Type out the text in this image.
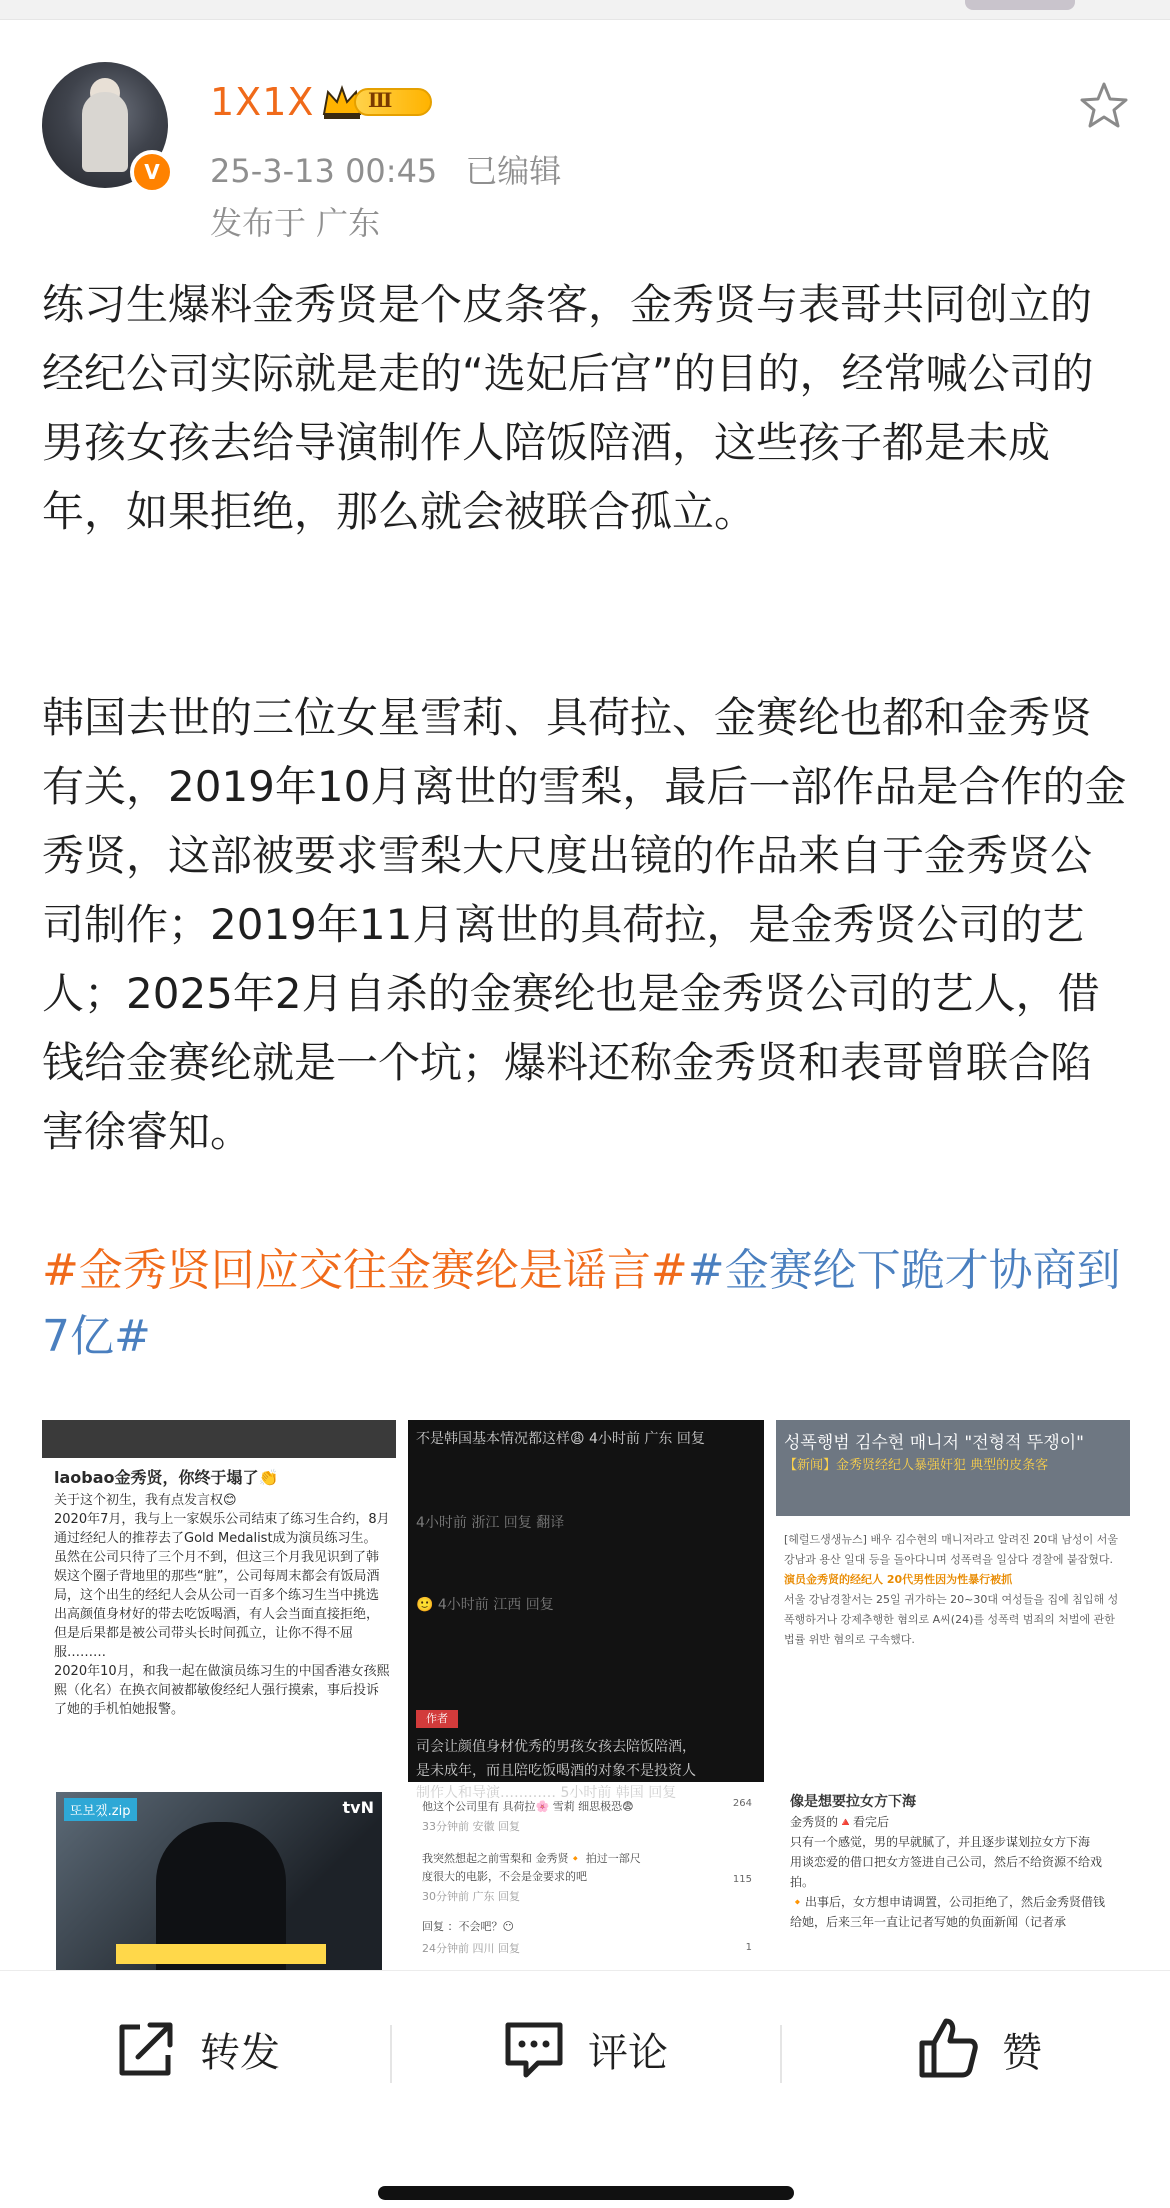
V
1X1X	Ⅲ
25-3-13 00:45 已编辑
发布于 广东
练习生爆料金秀贤是个皮条客，金秀贤与表哥共同创立的经纪公司实际就是走的“选妃后宫”的目的，经常喊公司的男孩女孩去给导演制作人陪饭陪酒，这些孩子都是未成年，如果拒绝，那么就会被联合孤立。
韩国去世的三位女星雪莉、具荷拉、金赛纶也都和金秀贤有关，2019年10月离世的雪梨，最后一部作品是合作的金秀贤，这部被要求雪梨大尺度出镜的作品来自于金秀贤公司制作；2019年11月离世的具荷拉，是金秀贤公司的艺人；2025年2月自杀的金赛纶也是金秀贤公司的艺人，借钱给金赛纶就是一个坑；爆料还称金秀贤和表哥曾联合陷害徐睿知。
#金秀贤回应交往金赛纶是谣言##金赛纶下跪才协商到7亿#
laobao金秀贤，你终于塌了👏
关于这个初生，我有点发言权😊
2020年7月，我与上一家娱乐公司结束了练习生合约，8月通过经纪人的推荐去了Gold Medalist成为演员练习生。
虽然在公司只待了三个月不到，但这三个月我见识到了韩娱这个圈子背地里的那些“脏”，公司每周末都会有饭局酒局，这个出生的经纪人会从公司一百多个练习生当中挑选出高颜值身材好的带去吃饭喝酒，有人会当面直接拒绝，但是后果都是被公司带头长时间孤立，让你不得不屈服………
2020年10月，和我一起在做演员练习生的中国香港女孩熙熙（化名）在换衣间被都敏俊经纪人强行摸索，事后投诉了她的手机怕她报警。
또보겠.zip	tvN
不是韩国基本情况都这样😩 4小时前 广东 回复
4小时前 浙江 回复 翻译
🙂 4小时前 江西 回复
作者
司会让颜值身材优秀的男孩女孩去陪饭陪酒，
是未成年，而且陪吃饭喝酒的对象不是投资人
制作人和导演………… 5小时前 韩国 回复
他这个公司里有 具荷拉🌸 雪莉 细思极恐😨
33分钟前 安徽 回复
我突然想起之前雪梨和 金秀贤🔸 拍过一部尺
度很大的电影，不会是金要求的吧
30分钟前 广东 回复
回复 ：不会吧？😶
24分钟前 四川 回复
264
115
1
성폭행범 김수현 매니저 "전형적 뚜쟁이"
【新闻】金秀贤经纪人暴强奸犯 典型的皮条客
[헤럴드생생뉴스] 배우 김수현의 매니저라고 알려진 20대 남성이 서울 강남과 용산 일대 등을 돌아다니며 성폭력을 일삼다 경찰에 붙잡혔다.
演员金秀贤的经纪人 20代男性因为性暴行被抓
서울 강남경찰서는 25일 귀가하는 20~30대 여성들을 집에 침입해 성폭행하거나 강제추행한 혐의로 A씨(24)를 성폭력 범죄의 처벌에 관한 법률 위반 혐의로 구속했다.
像是想要拉女方下海
金秀贤的🔺看完后
只有一个感觉，男的早就腻了，并且逐步谋划拉女方下海
用谈恋爱的借口把女方签进自己公司，然后不给资源不给戏拍。
🔸出事后，女方想申请调置，公司拒绝了，然后金秀贤借钱给她，后来三年一直让记者写她的负面新闻（记者承
转发	评论	赞
